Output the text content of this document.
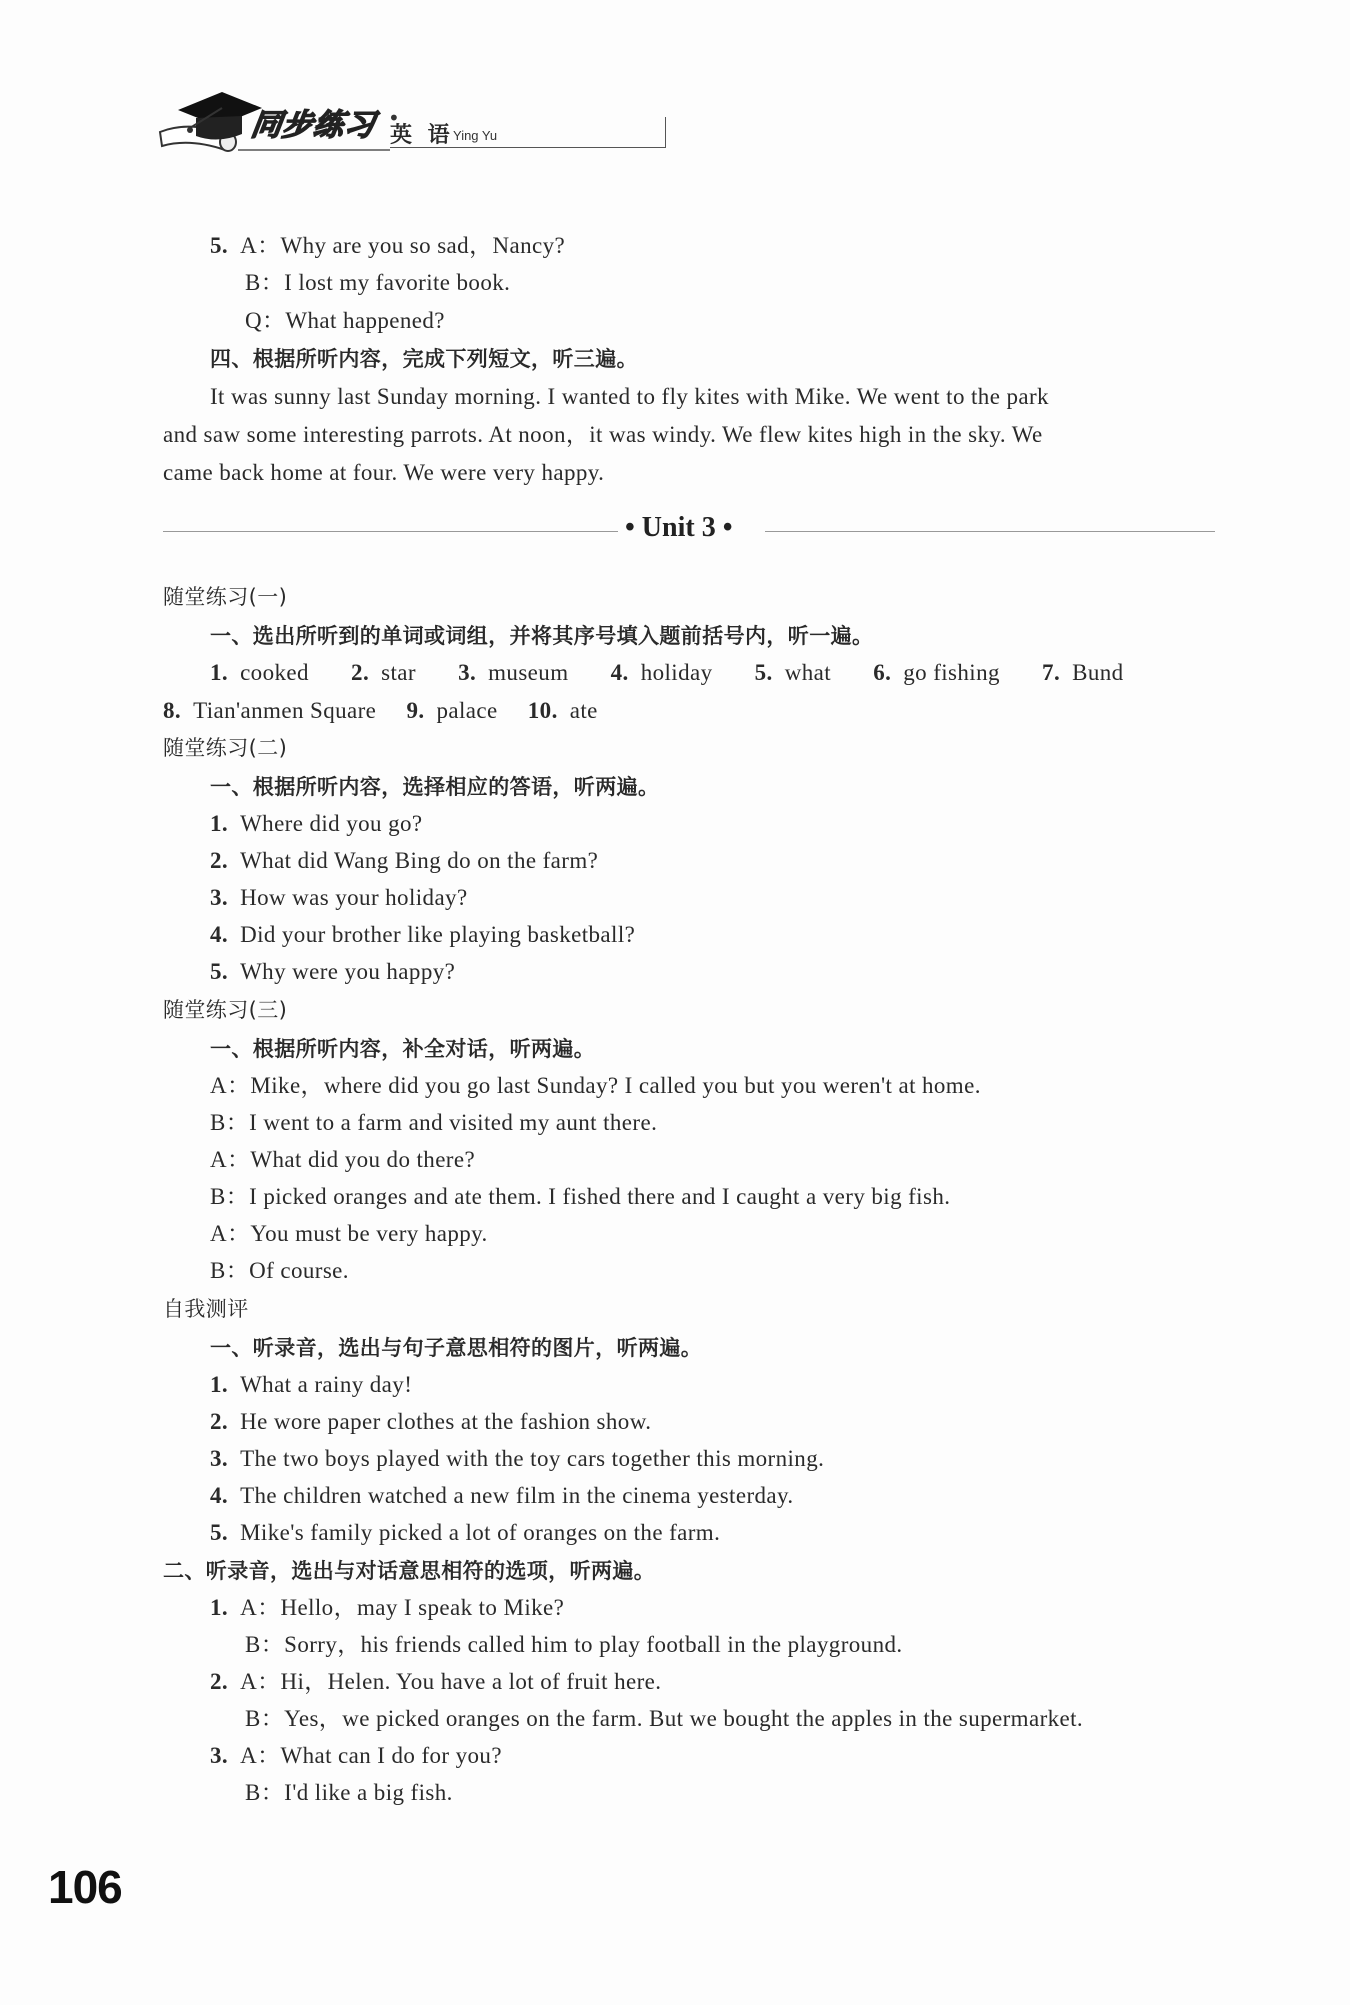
同步练习 •
英 语 Ying Yu
5. A：Why are you so sad，Nancy?
B：I lost my favorite book.
Q：What happened?
四、根据所听内容，完成下列短文，听三遍。
It was sunny last Sunday morning. I wanted to fly kites with Mike. We went to the park
and saw some interesting parrots. At noon，it was windy. We flew kites high in the sky. We
came back home at four. We were very happy.
• Unit 3 •
随堂练习(一)
一、选出所听到的单词或词组，并将其序号填入题前括号内，听一遍。
1. cooked 2. star 3. museum 4. holiday 5. what 6. go fishing 7. Bund
8. Tian'anmen Square 9. palace 10. ate
随堂练习(二)
一、根据所听内容，选择相应的答语，听两遍。
1. Where did you go?
2. What did Wang Bing do on the farm?
3. How was your holiday?
4. Did your brother like playing basketball?
5. Why were you happy?
随堂练习(三)
一、根据所听内容，补全对话，听两遍。
A：Mike，where did you go last Sunday? I called you but you weren't at home.
B：I went to a farm and visited my aunt there.
A：What did you do there?
B：I picked oranges and ate them. I fished there and I caught a very big fish.
A：You must be very happy.
B：Of course.
自我测评
一、听录音，选出与句子意思相符的图片，听两遍。
1. What a rainy day!
2. He wore paper clothes at the fashion show.
3. The two boys played with the toy cars together this morning.
4. The children watched a new film in the cinema yesterday.
5. Mike's family picked a lot of oranges on the farm.
二、听录音，选出与对话意思相符的选项，听两遍。
1. A：Hello，may I speak to Mike?
B：Sorry，his friends called him to play football in the playground.
2. A：Hi，Helen. You have a lot of fruit here.
B：Yes，we picked oranges on the farm. But we bought the apples in the supermarket.
3. A：What can I do for you?
B：I'd like a big fish.
106
